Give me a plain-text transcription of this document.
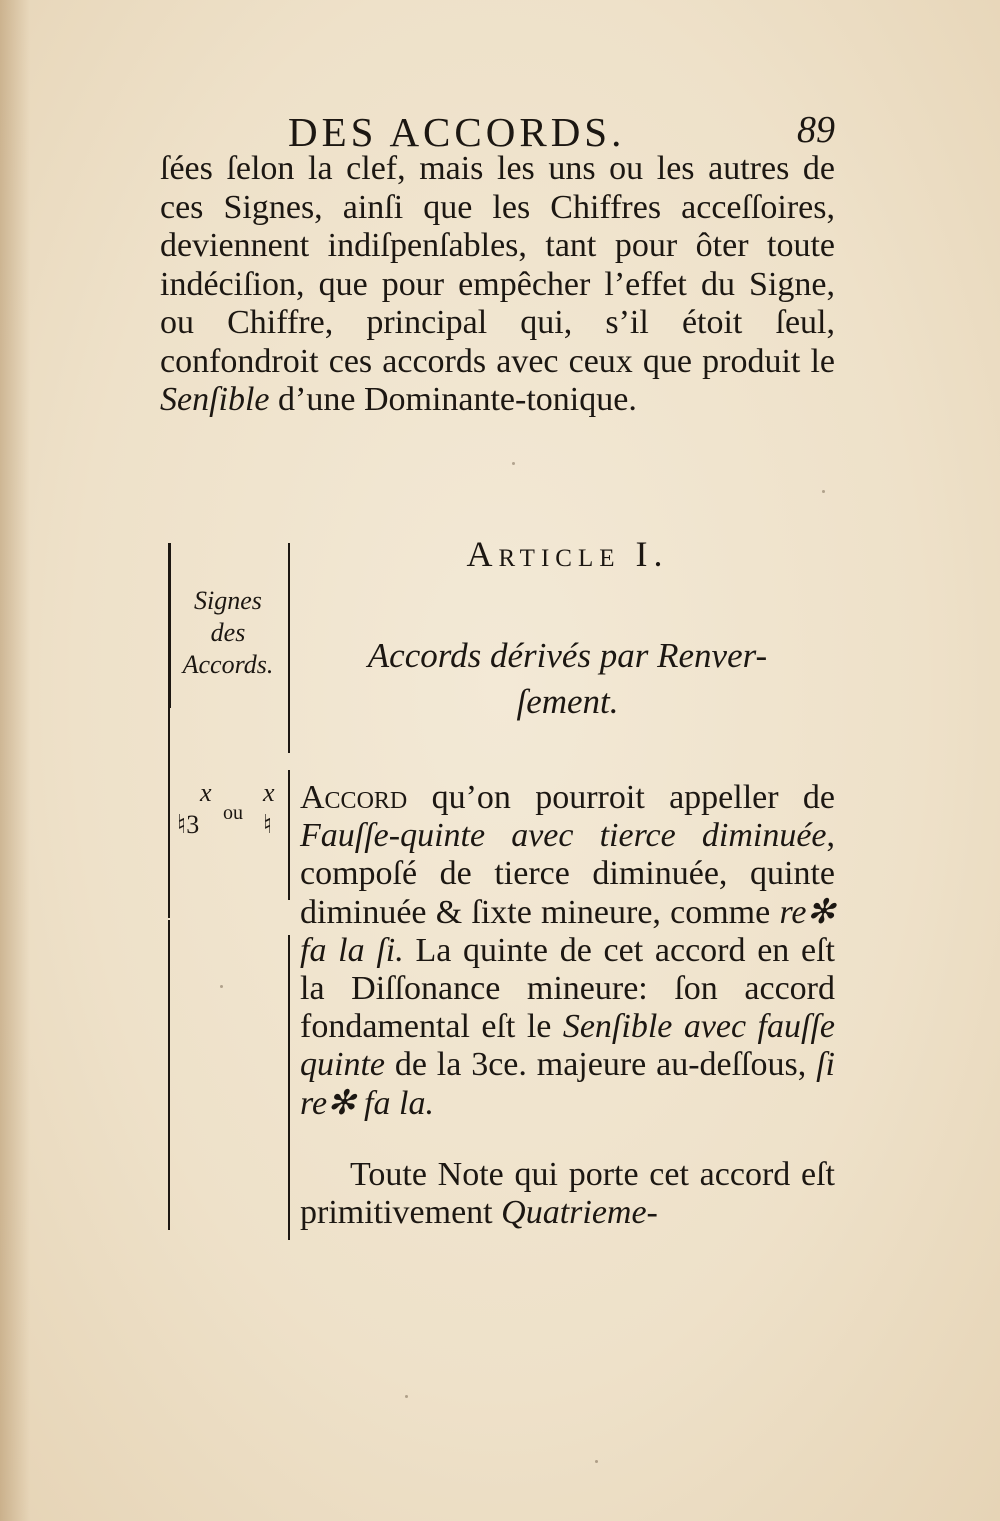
DES ACCORDS.	89

ſées ſelon la clef, mais les uns ou les autres de ces Signes, ainſi que les Chiffres acceſſoires, deviennent indiſpenſables, tant pour ôter toute indéciſion, que pour empêcher l’effet du Signe, ou Chiffre, principal qui, s’il étoit ſeul, confondroit ces accords avec ceux que produit le Senſible d’une Dominante-tonique.

Signes
des
Accords.
x x
♮3 ou ♮
Article I.
Accords dérivés par Renver-
ſement.

Accord qu’on pourroit appeller de Fauſſe-quinte avec tierce diminuée, compoſé de tierce diminuée, quinte diminuée & ſixte mineure, comme re✻ fa la ſi. La quinte de cet accord en eſt la Diſſonance mineure: ſon accord fondamental eſt le Senſible avec fauſſe quinte de la 3ce. majeure au-deſſous, ſi re✻ fa la.

Toute Note qui porte cet accord eſt primitivement Quatrieme-
